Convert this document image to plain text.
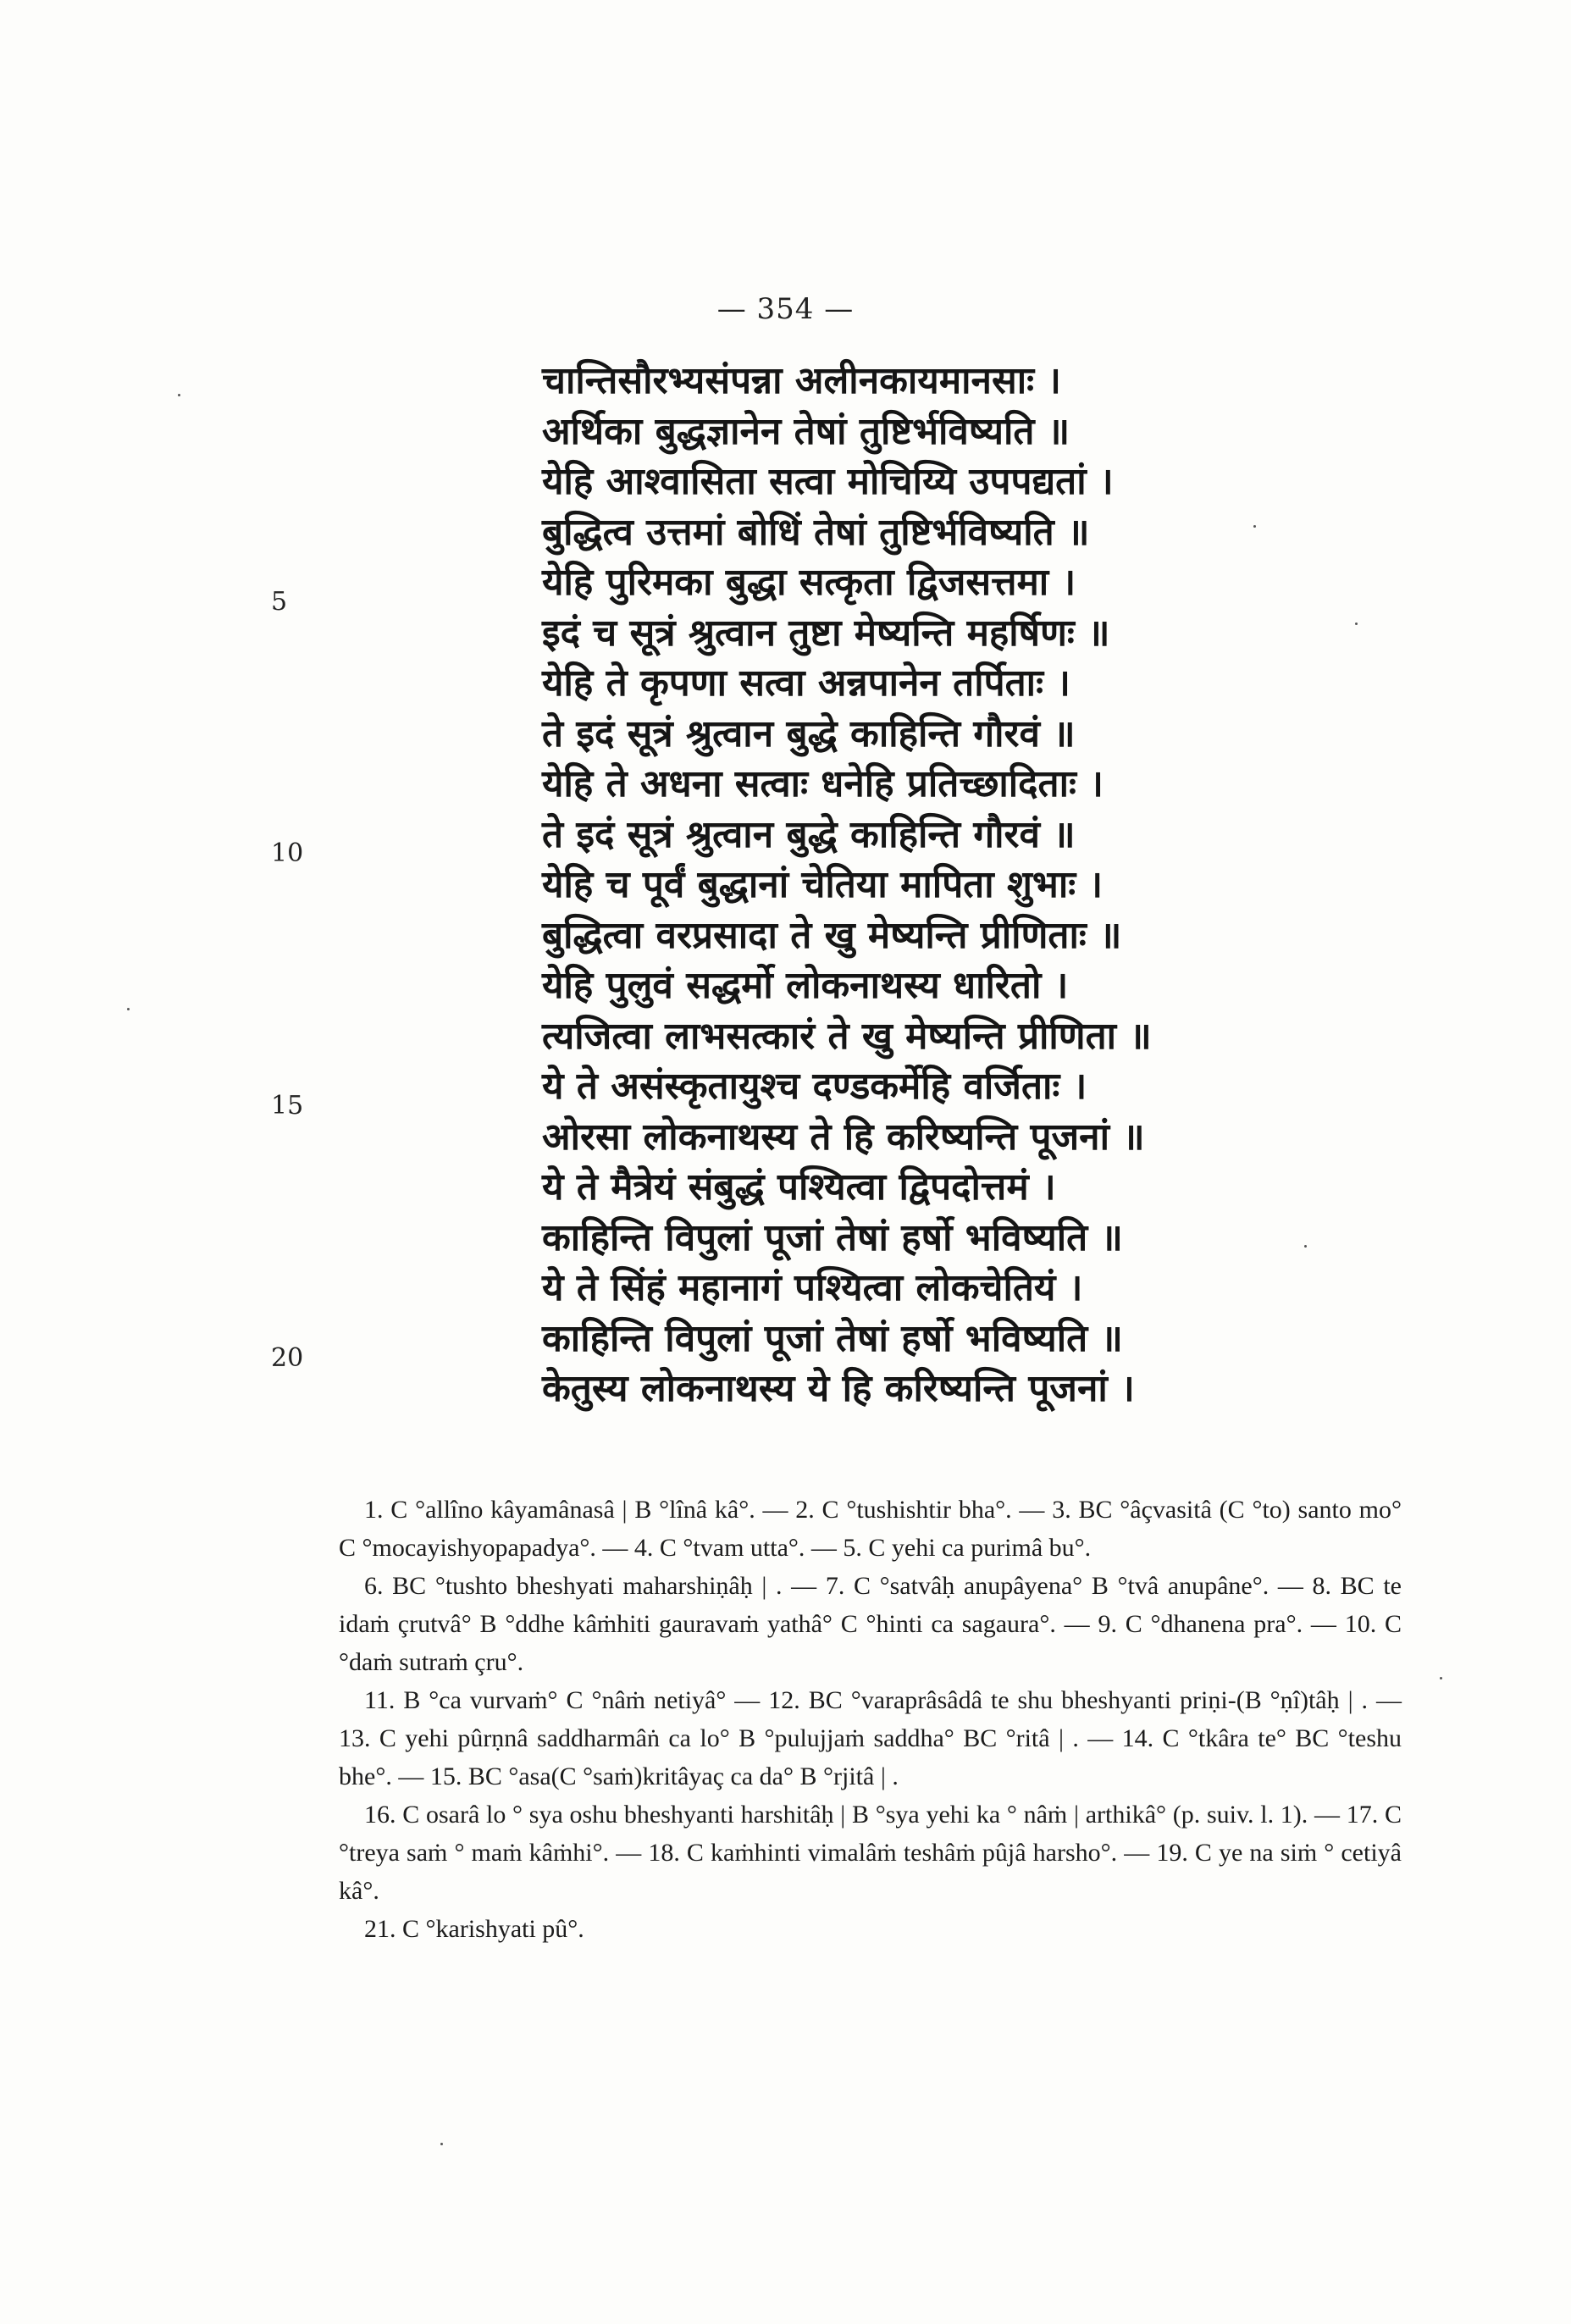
— 354 —
5
10
15
20
चान्तिसौरभ्यसंपन्ना अलीनकायमानसाः ।
अर्थिका बुद्धज्ञानेन तेषां तुष्टिर्भविष्यति ॥
येहि आश्वासिता सत्वा मोचिय्यि उपपद्यतां ।
बुद्धित्व उत्तमां बोधिं तेषां तुष्टिर्भविष्यति ॥
येहि पुरिमका बुद्धा सत्कृता द्विजसत्तमा ।
इदं च सूत्रं श्रुत्वान तुष्टा मेष्यन्ति महर्षिणः ॥
येहि ते कृपणा सत्वा अन्नपानेन तर्पिताः ।
ते इदं सूत्रं श्रुत्वान बुद्धे काहिन्ति गौरवं ॥
येहि ते अधना सत्वाः धनेहि प्रतिच्छादिताः ।
ते इदं सूत्रं श्रुत्वान बुद्धे काहिन्ति गौरवं ॥
येहि च पूर्वं बुद्धानां चेतिया मापिता शुभाः ।
बुद्धित्वा वरप्रसादा ते खु मेष्यन्ति प्रीणिताः ॥
येहि पुलुवं सद्धर्मो लोकनाथस्य धारितो ।
त्यजित्वा लाभसत्कारं ते खु मेष्यन्ति प्रीणिता ॥
ये ते असंस्कृतायुश्च दण्डकर्मेहि वर्जिताः ।
ओरसा लोकनाथस्य ते हि करिष्यन्ति पूजनां ॥
ये ते मैत्रेयं संबुद्धं पश्यित्वा द्विपदोत्तमं ।
काहिन्ति विपुलां पूजां तेषां हर्षो भविष्यति ॥
ये ते सिंहं महानागं पश्यित्वा लोकचेतियं ।
काहिन्ति विपुलां पूजां तेषां हर्षो भविष्यति ॥
केतुस्य लोकनाथस्य ये हि करिष्यन्ति पूजनां ।

1. C °allîno kâyamânasâ | B °lînâ kâ°. — 2. C °tushishtir bha°. — 3. BC °âçvasitâ (C °to) santo mo° C °mocayishyopapadya°. — 4. C °tvam utta°. — 5. C yehi ca purimâ bu°.

6. BC °tushto bheshyati maharshiṇâḥ | . — 7. C °satvâḥ anupâyena° B °tvâ anupâne°. — 8. BC te idaṁ çrutvâ° B °ddhe kâṁhiti gauravaṁ yathâ° C °hinti ca sagaura°. — 9. C °dhanena pra°. — 10. C °daṁ sutraṁ çru°.

11. B °ca vurvaṁ° C °nâṁ netiyâ° — 12. BC °varaprâsâdâ te shu bheshyanti priṇi-(B °ṇî)tâḥ | . — 13. C yehi pûrṇnâ saddharmâṅ ca lo° B °pulujjaṁ saddha° BC °ritâ | . — 14. C °tkâra te° BC °teshu bhe°. — 15. BC °asa(C °saṁ)kritâyaç ca da° B °rjitâ | .

16. C osarâ lo ° sya oshu bheshyanti harshitâḥ | B °sya yehi ka ° nâṁ | arthikâ° (p. suiv. l. 1). — 17. C °treya saṁ ° maṁ kâṁhi°. — 18. C kaṁhinti vimalâṁ teshâṁ pûjâ harsho°. — 19. C ye na siṁ ° cetiyâ kâ°.

21. C °karishyati pû°.
